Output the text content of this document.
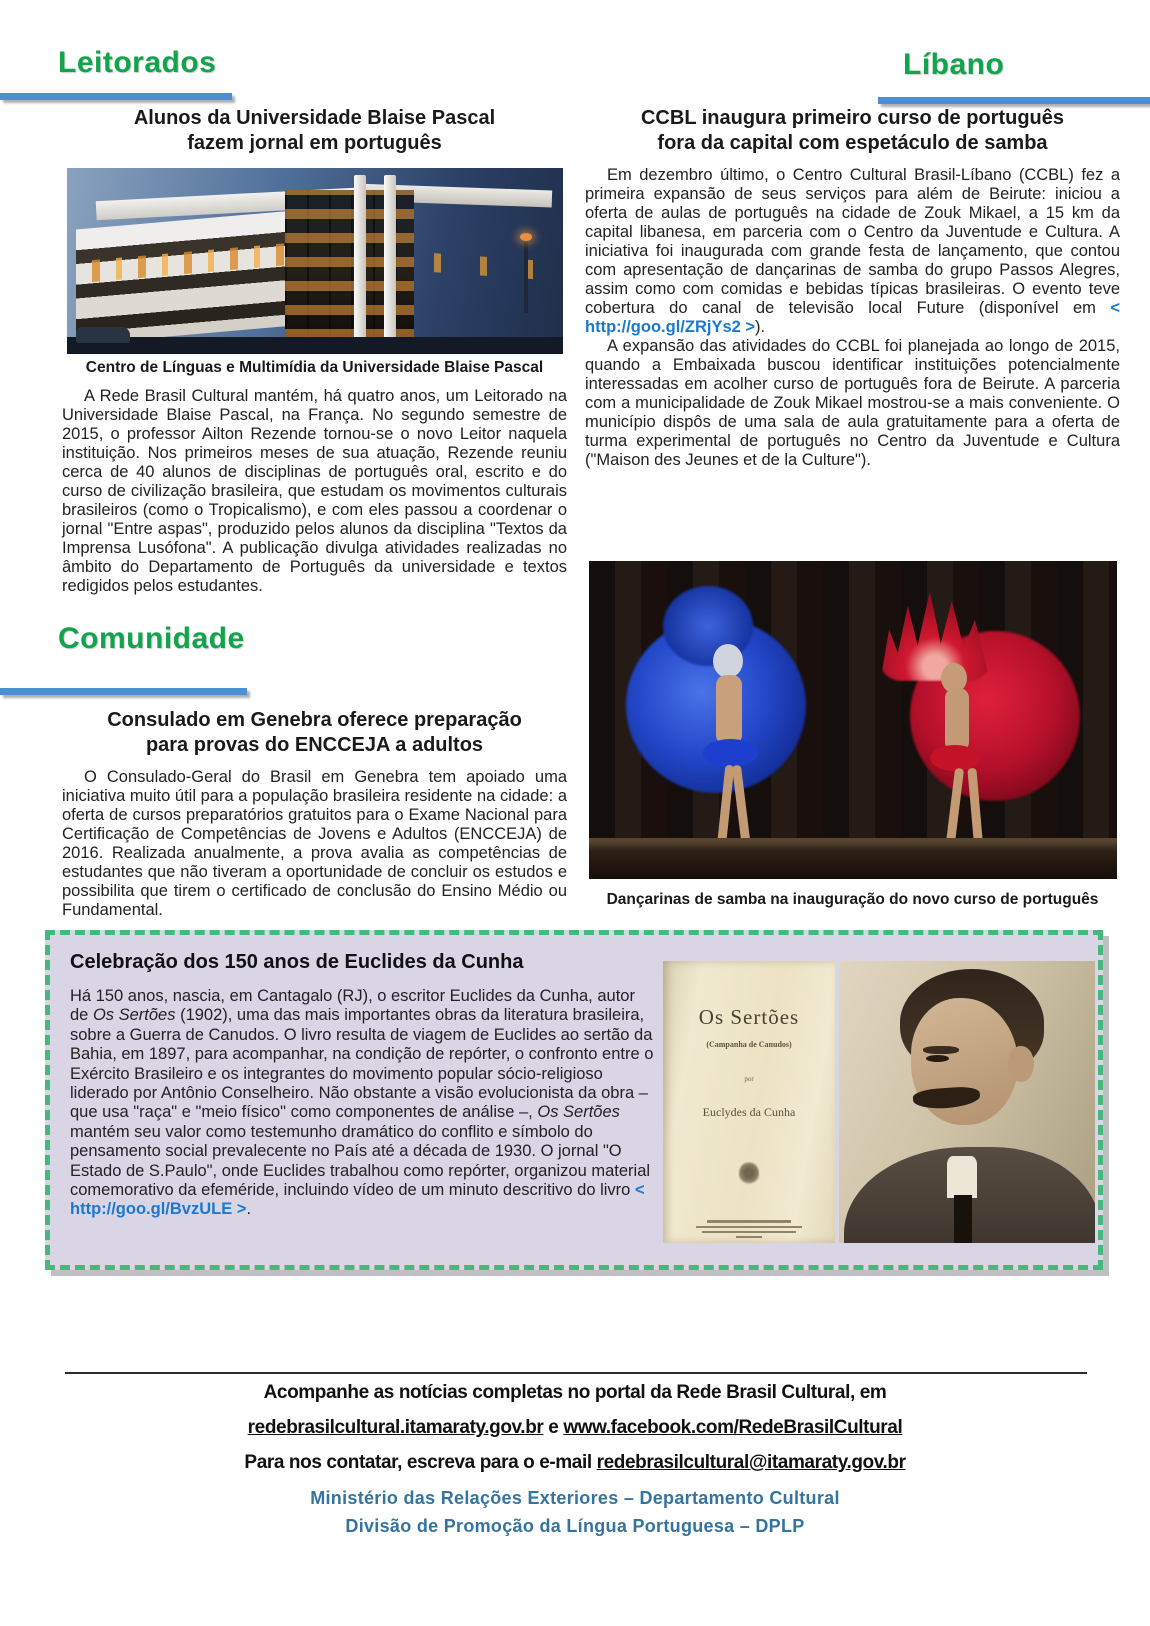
Leitorados	Líbano
Alunos da Universidade Blaise Pascal
fazem jornal em português
Centro de Línguas e Multimídia da Universidade Blaise Pascal

A Rede Brasil Cultural mantém, há quatro anos, um Leitorado na Universidade Blaise Pascal, na França. No segundo semestre de 2015, o professor Ailton Rezende tornou-se o novo Leitor naquela instituição. Nos primeiros meses de sua atuação, Rezende reuniu cerca de 40 alunos de disciplinas de português oral, escrito e do curso de civilização brasileira, que estudam os movimentos culturais brasileiros (como o Tropicalismo), e com eles passou a coordenar o jornal "Entre aspas", produzido pelos alunos da disciplina "Textos da Imprensa Lusófona". A publicação divulga atividades realizadas no âmbito do Departamento de Português da universidade e textos redigidos pelos estudantes.

Comunidade
Consulado em Genebra oferece preparação
para provas do ENCCEJA a adultos

O Consulado-Geral do Brasil em Genebra tem apoiado uma iniciativa muito útil para a população brasileira residente na cidade: a oferta de cursos preparatórios gratuitos para o Exame Nacional para Certificação de Competências de Jovens e Adultos (ENCCEJA) de 2016. Realizada anualmente, a prova avalia as competências de estudantes que não tiveram a oportunidade de concluir os estudos e possibilita que tirem o certificado de conclusão do Ensino Médio ou Fundamental.

CCBL inaugura primeiro curso de português
fora da capital com espetáculo de samba

Em dezembro último, o Centro Cultural Brasil-Líbano (CCBL) fez a primeira expansão de seus serviços para além de Beirute: iniciou a oferta de aulas de português na cidade de Zouk Mikael, a 15 km da capital libanesa, em parceria com o Centro da Juventude e Cultura. A iniciativa foi inaugurada com grande festa de lançamento, que contou com apresentação de dançarinas de samba do grupo Passos Alegres, assim como com comidas e bebidas típicas brasileiras. O evento teve cobertura do canal de televisão local Future (disponível em < http://goo.gl/ZRjYs2 >).

A expansão das atividades do CCBL foi planejada ao longo de 2015, quando a Embaixada buscou identificar instituições potencialmente interessadas em acolher curso de português fora de Beirute. A parceria com a municipalidade de Zouk Mikael mostrou-se a mais conveniente. O município dispôs de uma sala de aula gratuitamente para a oferta de turma experimental de português no Centro da Juventude e Cultura ("Maison des Jeunes et de la Culture").

Dançarinas de samba na inauguração do novo curso de português
Celebração dos 150 anos de Euclides da Cunha

Há 150 anos, nascia, em Cantagalo (RJ), o escritor Euclides da Cunha, autor de Os Sertões (1902), uma das mais importantes obras da literatura brasileira, sobre a Guerra de Canudos. O livro resulta de viagem de Euclides ao sertão da Bahia, em 1897, para acompanhar, na condição de repórter, o confronto entre o Exército Brasileiro e os integrantes do movimento popular sócio-religioso liderado por Antônio Conselheiro. Não obstante a visão evolucionista da obra – que usa "raça" e "meio físico" como componentes de análise –, Os Sertões mantém seu valor como testemunho dramático do conflito e símbolo do pensamento social prevalecente no País até a década de 1930. O jornal "O Estado de S.Paulo", onde Euclides trabalhou como repórter, organizou material comemorativo da efeméride, incluindo vídeo de um minuto descritivo do livro < http://goo.gl/BvzULE >.

Os Sertões
(Campanha de Canudos)
por
Euclydes da Cunha

Acompanhe as notícias completas no portal da Rede Brasil Cultural, em

redebrasilcultural.itamaraty.gov.br e www.facebook.com/RedeBrasilCultural

Para nos contatar, escreva para o e-mail redebrasilcultural@itamaraty.gov.br

Ministério das Relações Exteriores – Departamento Cultural
Divisão de Promoção da Língua Portuguesa – DPLP
